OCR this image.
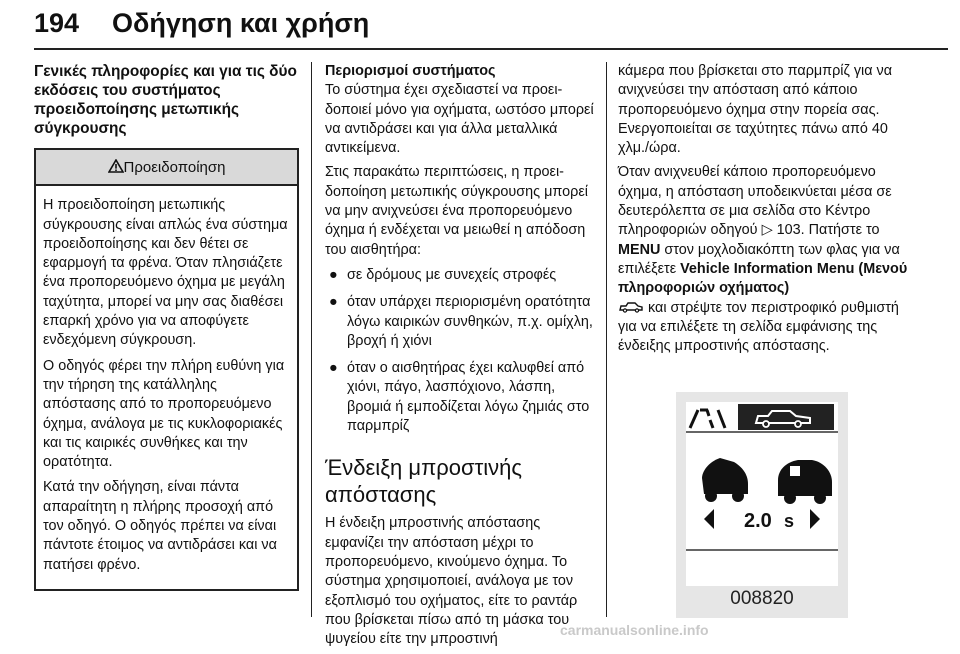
194 Οδήγηση και χρήση
Γενικές πληροφορίες και για τις δύο εκδόσεις του συστήματος προειδοποίησης μετωπικής σύγκρουσης
Προειδοποίηση

Η προειδοποίηση μετωπικής σύγκρουσης είναι απλώς ένα σύστημα προειδοποίησης και δεν θέτει σε εφαρμογή τα φρένα. Όταν πλησιάζετε ένα προπορευόμενο όχημα με μεγάλη ταχύτητα, μπορεί να μην σας διαθέσει επαρκή χρόνο για να αποφύγετε ενδεχόμενη σύγκρουση.

Ο οδηγός φέρει την πλήρη ευθύνη για την τήρηση της κατάλληλης απόστασης από το προπορευόμενο όχημα, ανάλογα με τις κυκλοφοριακές και τις καιρικές συνθήκες και την ορατότητα.

Κατά την οδήγηση, είναι πάντα απαραίτητη η πλήρης προσοχή από τον οδηγό. Ο οδηγός πρέπει να είναι πάντοτε έτοιμος να αντιδράσει και να πατήσει φρένο.

Περιορισμοί συστήματος

Το σύστημα έχει σχεδιαστεί να προειδοποιεί μόνο για οχήματα, ωστόσο μπορεί να αντιδράσει και για άλλα μεταλλικά αντικείμενα.

Στις παρακάτω περιπτώσεις, η προειδοποίηση μετωπικής σύγκρουσης μπορεί να μην ανιχνεύσει ένα προπορευόμενο όχημα ή ενδέχεται να μειωθεί η απόδοση του αισθητήρα:

● σε δρόμους με συνεχείς στροφές
● όταν υπάρχει περιορισμένη ορατότητα λόγω καιρικών συνθηκών, π.χ. ομίχλη, βροχή ή χιόνι
● όταν ο αισθητήρας έχει καλυφθεί από χιόνι, πάγο, λασπόχιονο, λάσπη, βρομιά ή εμποδίζεται λόγω ζημιάς στο παρμπρίζ
Ένδειξη μπροστινής απόστασης

Η ένδειξη μπροστινής απόστασης εμφανίζει την απόσταση μέχρι το προπορευόμενο, κινούμενο όχημα. Το σύστημα χρησιμοποιεί, ανάλογα με τον εξοπλισμό του οχήματος, είτε το ραντάρ που βρίσκεται πίσω από τη μάσκα του ψυγείου είτε την μπροστινή

κάμερα που βρίσκεται στο παρμπρίζ για να ανιχνεύσει την απόσταση από κάποιο προπορευόμενο όχημα στην πορεία σας. Ενεργοποιείται σε ταχύτητες πάνω από 40 χλμ./ώρα.

Όταν ανιχνευθεί κάποιο προπορευόμενο όχημα, η απόσταση υποδεικνύεται μέσα σε δευτερόλεπτα σε μια σελίδα στο Κέντρο πληροφοριών οδηγού ▷ 103. Πατήστε το MENU στον μοχλοδιακόπτη των φλας για να επιλέξετε Vehicle Information Menu (Μενού πληροφοριών οχήματος)
και στρέψτε τον περιστροφικό ρυθμιστή για να επιλέξετε τη σελίδα εμφάνισης της ένδειξης μπροστινής απόστασης.

2.0 s
008820
carmanualsonline.info
